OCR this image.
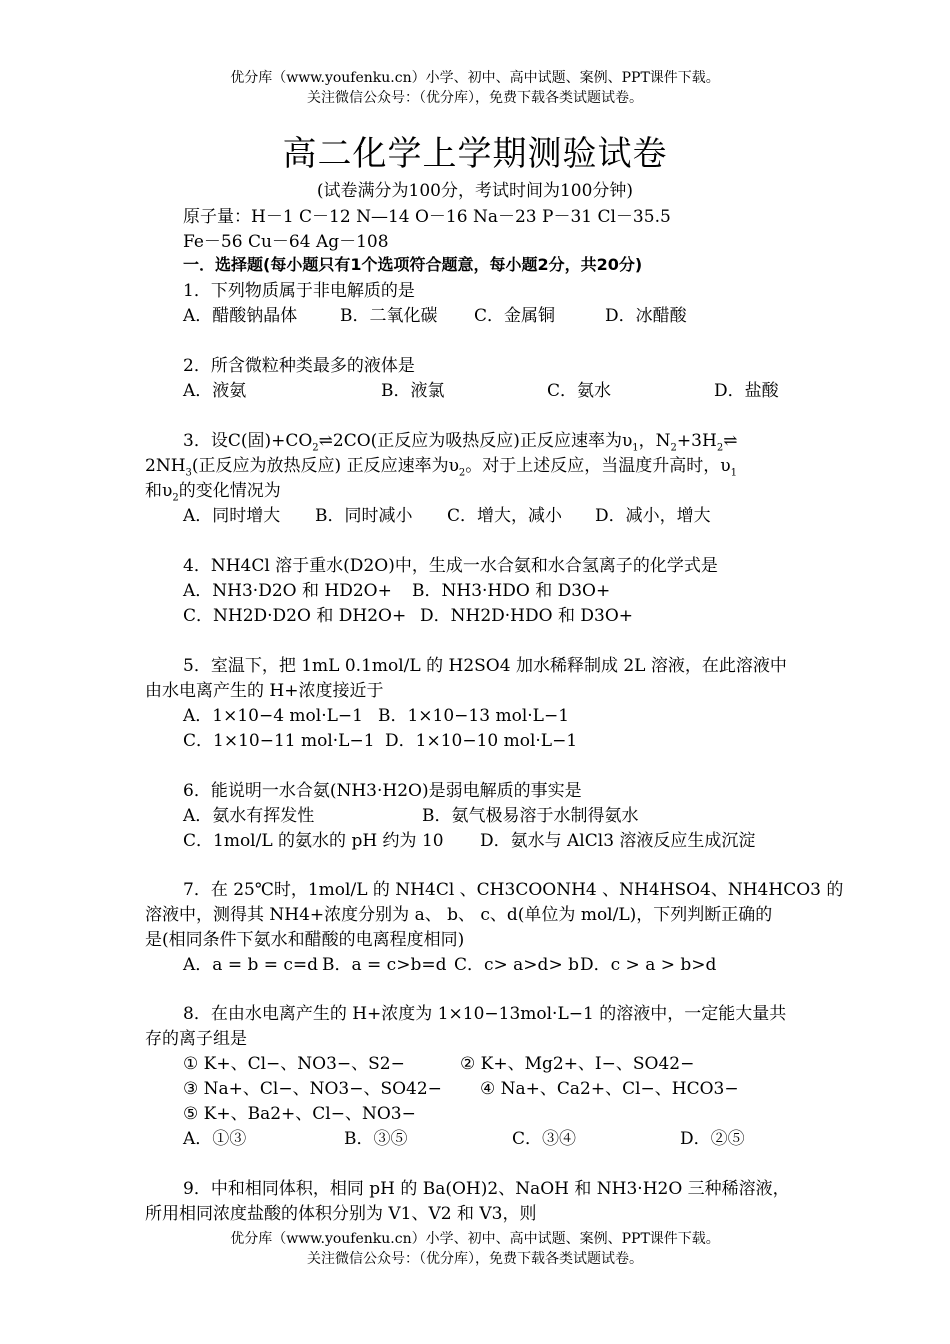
优分库（www.youfenku.cn）小学、初中、高中试题、案例、PPT课件下载。
关注微信公众号：（优分库），免费下载各类试题试卷。
高二化学上学期测验试卷
(试卷满分为100分，考试时间为100分钟)
原子量：H－1 C－12 N—14 O－16 Na－23 P－31 Cl－35.5
Fe－56 Cu－64 Ag－108
一．选择题(每小题只有1个选项符合题意，每小题2分，共20分)
1．下列物质属于非电解质的是
A．醋酸钠晶体	B．二氧化碳 C．金属铜	D．冰醋酸
2．所含微粒种类最多的液体是
A．液氨	B．液氯	C．氨水	D．盐酸
3．设C(固)$+CO_2\rightleftharpoons 2CO$(正反应为吸热反应)正反应速率为$\upsilon_1$，$N_2+3H_2\rightleftharpoons$
$2NH_3$(正反应为放热反应) 正反应速率为$\upsilon_2$。对于上述反应，当温度升高时，$\upsilon_1$
和$\upsilon_2$的变化情况为
A．同时增大 B．同时减小 C．增大，减小 D．减小，增大
4．NH4Cl 溶于重水(D2O)中，生成一水合氨和水合氢离子的化学式是
A．NH3·D2O 和 HD2O+ B．NH3·HDO 和 D3O+
C．NH2D·D2O 和 DH2O+ D．NH2D·HDO 和 D3O+
5．室温下，把 1mL 0.1mol/L 的 H2SO4 加水稀释制成 2L 溶液，在此溶液中
由水电离产生的 H+浓度接近于
A．1×10−4 mol·L−1 B．1×10−13 mol·L−1
C．1×10−11 mol·L−1 D．1×10−10 mol·L−1
6．能说明一水合氨(NH3·H2O)是弱电解质的事实是
A．氨水有挥发性	B．氨气极易溶于水制得氨水
C．1mol/L 的氨水的 pH 约为 10 D．氨水与 AlCl3 溶液反应生成沉淀
7．在 25℃时，1mol/L 的 NH4Cl 、CH3COONH4 、NH4HSO4、NH4HCO3 的
溶液中，测得其 NH4+浓度分别为 a、 b、 c、d(单位为 mol/L)，下列判断正确的
是(相同条件下氨水和醋酸的电离程度相同)
A．a = b = c=d B．a = c>b=d C．c> a>d> b D．c > a > b>d
8．在由水电离产生的 H+浓度为 1×10−13mol·L−1 的溶液中，一定能大量共
存的离子组是
① K+、Cl−、NO3−、S2−	② K+、Mg2+、I−、SO42−
③ Na+、Cl−、NO3−、SO42− ④ Na+、Ca2+、Cl−、HCO3−
⑤ K+、Ba2+、Cl−、NO3−
A．①③	B．③⑤	C．③④	D．②⑤
9．中和相同体积，相同 pH 的 Ba(OH)2、NaOH 和 NH3·H2O 三种稀溶液，
所用相同浓度盐酸的体积分别为 V1、V2 和 V3，则
优分库（www.youfenku.cn）小学、初中、高中试题、案例、PPT课件下载。
关注微信公众号：（优分库），免费下载各类试题试卷。
